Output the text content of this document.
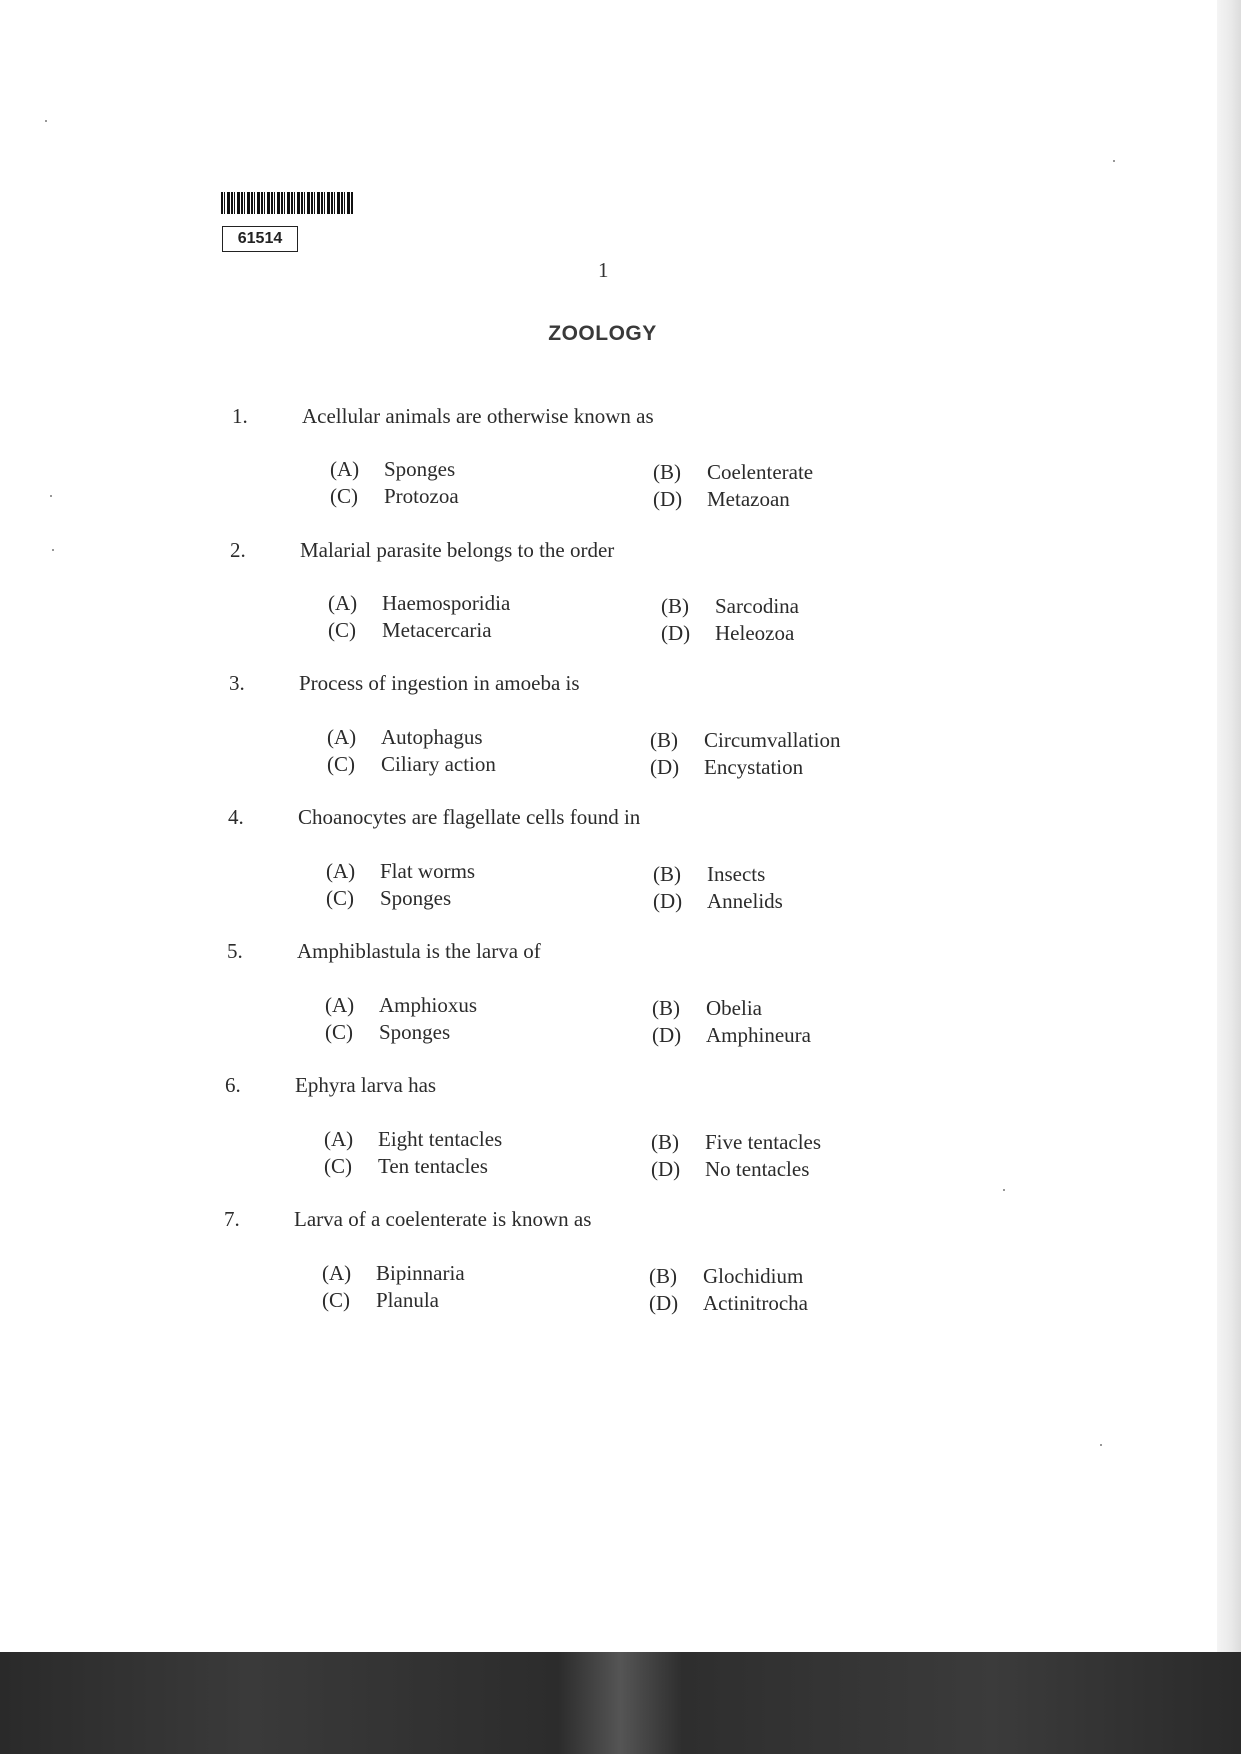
61514
1
ZOOLOGY
1.	Acellular animals are otherwise known as
(A) Sponges	(B) Coelenterate
(C) Protozoa	(D) Metazoan
2.	Malarial parasite belongs to the order
(A) Haemosporidia	(B) Sarcodina
(C) Metacercaria	(D) Heleozoa
3.	Process of ingestion in amoeba is
(A) Autophagus	(B) Circumvallation
(C) Ciliary action	(D) Encystation
4.	Choanocytes are flagellate cells found in
(A) Flat worms	(B) Insects
(C) Sponges	(D) Annelids
5.	Amphiblastula is the larva of
(A) Amphioxus	(B) Obelia
(C) Sponges	(D) Amphineura
6.	Ephyra larva has
(A) Eight tentacles	(B) Five tentacles
(C) Ten tentacles	(D) No tentacles
7.	Larva of a coelenterate is known as
(A) Bipinnaria	(B) Glochidium
(C) Planula	(D) Actinitrocha
